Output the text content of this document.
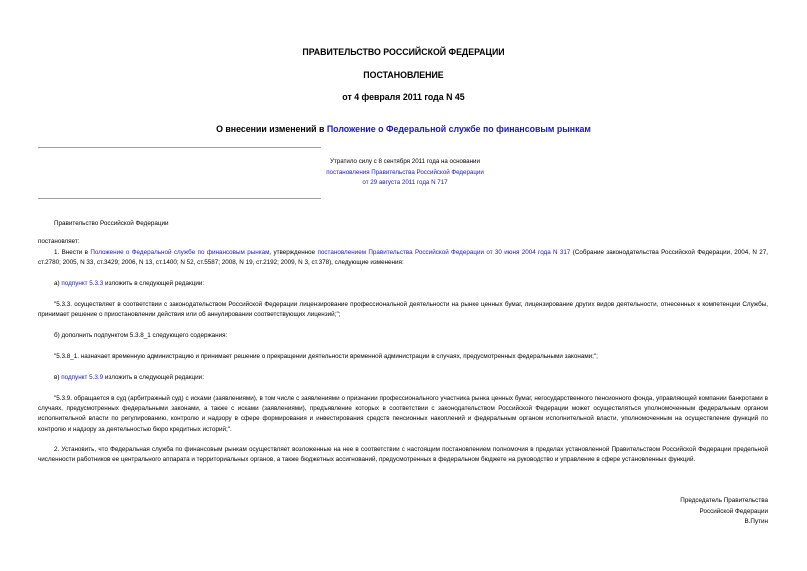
ПРАВИТЕЛЬСТВО РОССИЙСКОЙ ФЕДЕРАЦИИ
ПОСТАНОВЛЕНИЕ
от 4 февраля 2011 года N 45
О внесении изменений в Положение о Федеральной службе по финансовым рынкам
Утратило силу с 8 сентября 2011 года на основании
постановления Правительства Российской Федерации
от 29 августа 2011 года N 717
Правительство Российской Федерации
постановляет:
1. Внести в Положение о Федеральной службе по финансовым рынкам, утвержденное постановлением Правительства Российской Федерации от 30 июня 2004 года N 317 (Собрание законодательства Российской Федерации, 2004, N 27, ст.2780; 2005, N 33, ст.3429; 2006, N 13, ст.1400; N 52, ст.5587; 2008, N 19, ст.2192; 2009, N 3, ст.378), следующие изменения:
а) подпункт 5.3.3 изложить в следующей редакции:
"5.3.3. осуществляет в соответствии с законодательством Российской Федерации лицензирование профессиональной деятельности на рынке ценных бумаг, лицензирование других видов деятельности, отнесенных к компетенции Службы, принимает решение о приостановлении действия или об аннулировании соответствующих лицензий;";
б) дополнить подпунктом 5.3.8_1 следующего содержания:
"5.3.8_1. назначает временную администрацию и принимает решение о прекращении деятельности временной администрации в случаях, предусмотренных федеральными законами;";
в) подпункт 5.3.9 изложить в следующей редакции:
"5.3.9. обращается в суд (арбитражный суд) с исками (заявлениями), в том числе с заявлениями о признании профессионального участника рынка ценных бумаг, негосударственного пенсионного фонда, управляющей компании банкротами в случаях, предусмотренных федеральными законами, а также с исками (заявлениями), предъявление которых в соответствии с законодательством Российской Федерации может осуществляться уполномоченным федеральным органом исполнительной власти по регулированию, контролю и надзору в сфере формирования и инвестирования средств пенсионных накоплений и федеральным органом исполнительной власти, уполномоченным на осуществление функций по контролю и надзору за деятельностью бюро кредитных историй;".
2. Установить, что Федеральная служба по финансовым рынкам осуществляет возложенные на нее в соответствии с настоящим постановлением полномочия в пределах установленной Правительством Российской Федерации предельной численности работников ее центрального аппарата и территориальных органов, а также бюджетных ассигнований, предусмотренных в федеральном бюджете на руководство и управление в сфере установленных функций.
Председатель Правительства
Российской Федерации
В.Путин
